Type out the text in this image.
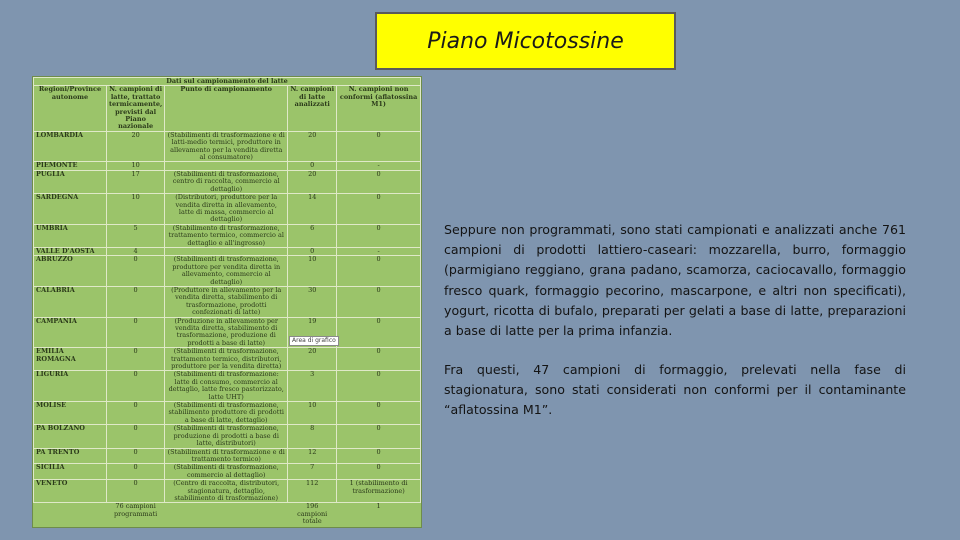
Piano Micotossine
Dati sul campionamento del latte				
Regioni/Province autonome	N. campioni di latte, trattato termicamente, previsti dal Piano nazionale	Punto di campionamento	N. campioni di latte analizzati	N. campioni non conformi (aflatossina M1)
LOMBARDIA	20	(Stabilimenti di trasformazione e di latti-medio termici, produttore in allevamento per la vendita diretta al consumatore)	20	0
PIEMONTE	10		0	-
PUGLIA	17	(Stabilimenti di trasformazione, centro di raccolta, commercio al dettaglio)	20	0
SARDEGNA	10	(Distributori, produttore per la vendita diretta in allevamento, latte di massa, commercio al dettaglio)	14	0
UMBRIA	5	(Stabilimento di trasformazione, trattamento termico, commercio al dettaglio e all'ingrosso)	6	0
VALLE D'AOSTA	4		0	-
ABRUZZO	0	(Stabilimenti di trasformazione, produttore per vendita diretta in allevamento, commercio al dettaglio)	10	0
CALABRIA	0	(Produttore in allevamento per la vendita diretta, stabilimento di trasformazione, prodotti confezionati di latte)	30	0
CAMPANIA	0	(Produzione in allevamento per vendita diretta, stabilimento di trasformazione, produzione di prodotti a base di latte)	19	0
EMILIA ROMAGNA	0	(Stabilimenti di trasformazione, trattamento termico, distributori, produttore per la vendita diretta)	20	0
LIGURIA	0	(Stabilimenti di trasformazione: latte di consumo, commercio al dettaglio, latte fresco pastorizzato, latte UHT)	3	0
MOLISE	0	(Stabilimenti di trasformazione, stabilimento produttore di prodotti a base di latte, dettaglio)	10	0
PA BOLZANO	0	(Stabilimenti di trasformazione, produzione di prodotti a base di latte, distributori)	8	0
PA TRENTO	0	(Stabilimenti di trasformazione e di trattamento termico)	12	0
SICILIA	0	(Stabilimenti di trasformazione, commercio al dettaglio)	7	0
VENETO	0	(Centro di raccolta, distributori, stagionatura, dettaglio, stabilimento di trasformazione)	112	1 (stabilimento di trasformazione)
	76 campioni programmati		196 campioni totale	1
Area di grafico

Seppure non programmati, sono stati campionati e analizzati anche 761 campioni di prodotti lattiero-caseari: mozzarella, burro, formaggio (parmigiano reggiano, grana padano, scamorza, caciocavallo, formaggio fresco quark, formaggio pecorino, mascarpone, e altri non specificati), yogurt, ricotta di bufalo, preparati per gelati a base di latte, preparazioni a base di latte per la prima infanzia.

Fra questi, 47 campioni di formaggio, prelevati nella fase di stagionatura, sono stati considerati non conformi per il contaminante “aflatossina M1”.
